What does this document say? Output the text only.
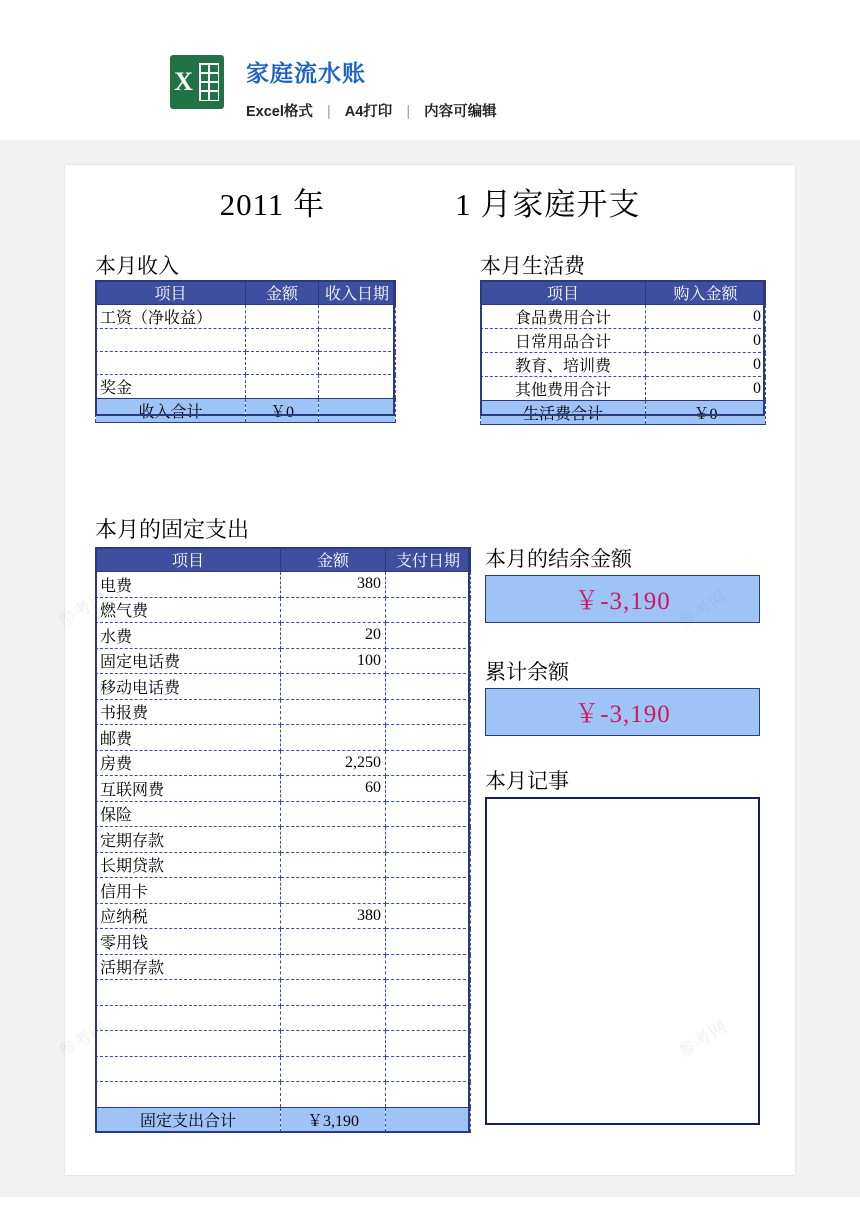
X 家庭流水账
Excel格式 | A4打印 | 内容可编辑
2011 年	1 月家庭开支
本月收入
项目	金额	收入日期
工资（净收益）		

奖金		
收入合计	￥0	
本月生活费
项目	购入金额
食品费用合计	0
日常用品合计	0
教育、培训费	0
其他费用合计	0
生活费合计	￥0
本月的固定支出
项目	金额	支付日期
电费	380	
燃气费		
水费	20	
固定电话费	100	
移动电话费		
书报费		
邮费		
房费	2,250	
互联网费	60	
保险		
定期存款		
长期贷款		
信用卡		
应纳税	380	
零用钱		
活期存款		

固定支出合计	￥3,190	
本月的结余金额
￥-3,190
累计余额
￥-3,190
本月记事
参考网
参考网
